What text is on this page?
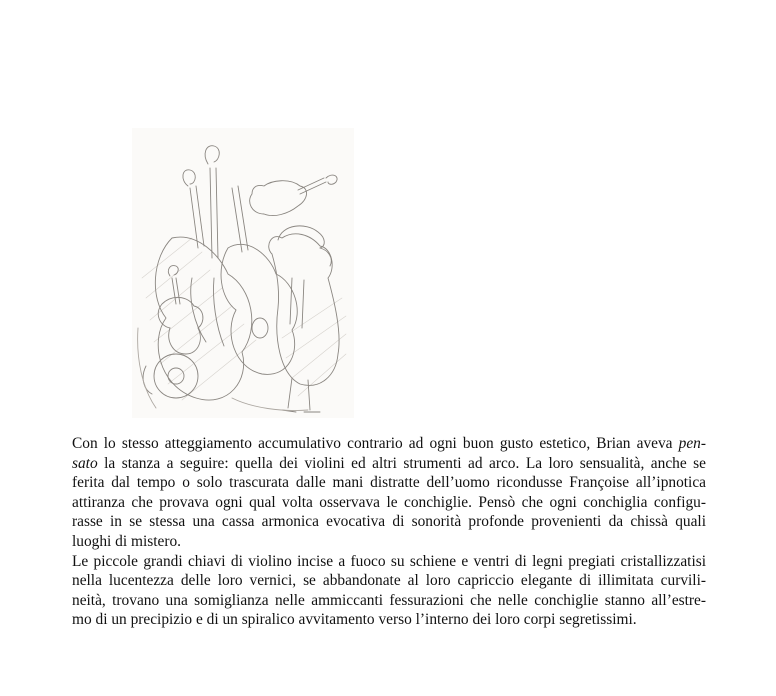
Con lo stesso atteggiamento accumulativo contrario ad ogni buon gusto estetico, Brian aveva pen-
sato la stanza a seguire: quella dei violini ed altri strumenti ad arco. La loro sensualità, anche se
ferita dal tempo o solo trascurata dalle mani distratte dell’uomo ricondusse Françoise all’ipnotica
attiranza che provava ogni qual volta osservava le conchiglie. Pensò che ogni conchiglia configu-
rasse in se stessa una cassa armonica evocativa di sonorità profonde provenienti da chissà quali
luoghi di mistero.
Le piccole grandi chiavi di violino incise a fuoco su schiene e ventri di legni pregiati cristallizzatisi
nella lucentezza delle loro vernici, se abbandonate al loro capriccio elegante di illimitata curvili-
neità, trovano una somiglianza nelle ammiccanti fessurazioni che nelle conchiglie stanno all’estre-
mo di un precipizio e di un spiralico avvitamento verso l’interno dei loro corpi segretissimi.
